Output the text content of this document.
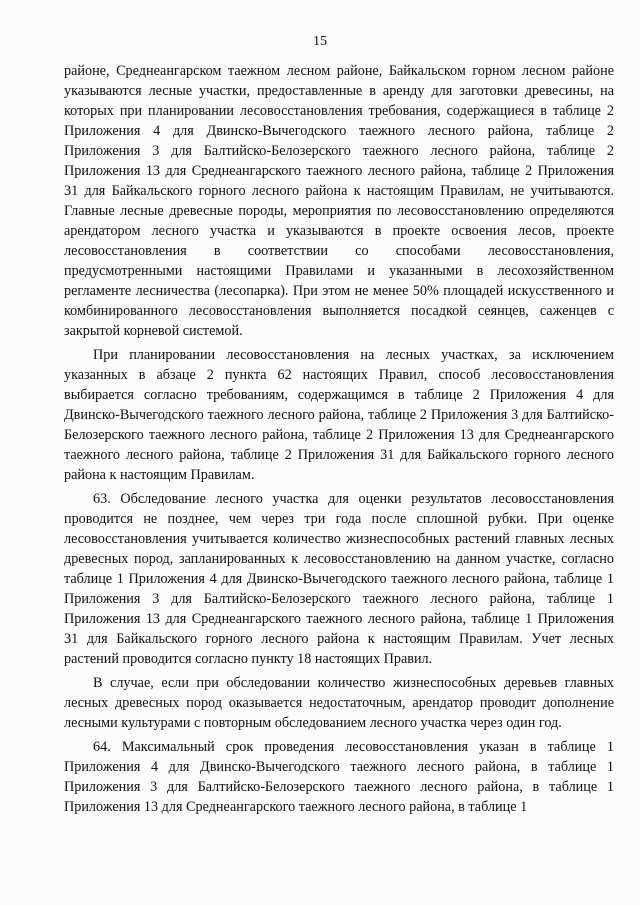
15

районе, Среднеангарском таежном лесном районе, Байкальском горном лесном районе указываются лесные участки, предоставленные в аренду для заготовки древесины, на которых при планировании лесовосстановления требования, содержащиеся в таблице 2 Приложения 4 для Двинско-Вычегодского таежного лесного района, таблице 2 Приложения 3 для Балтийско-Белозерского таежного лесного района, таблице 2 Приложения 13 для Среднеангарского таежного лесного района, таблице 2 Приложения 31 для Байкальского горного лесного района к настоящим Правилам, не учитываются. Главные лесные древесные породы, мероприятия по лесовосстановлению определяются арендатором лесного участка и указываются в проекте освоения лесов, проекте лесовосстановления в соответствии со способами лесовосстановления, предусмотренными настоящими Правилами и указанными в лесохозяйственном регламенте лесничества (лесопарка). При этом не менее 50% площадей искусственного и комбинированного лесовосстановления выполняется посадкой сеянцев, саженцев с закрытой корневой системой.

При планировании лесовосстановления на лесных участках, за исключением указанных в абзаце 2 пункта 62 настоящих Правил, способ лесовосстановления выбирается согласно требованиям, содержащимся в таблице 2 Приложения 4 для Двинско-Вычегодского таежного лесного района, таблице 2 Приложения 3 для Балтийско-Белозерского таежного лесного района, таблице 2 Приложения 13 для Среднеангарского таежного лесного района, таблице 2 Приложения 31 для Байкальского горного лесного района к настоящим Правилам.

63. Обследование лесного участка для оценки результатов лесовосстановления проводится не позднее, чем через три года после сплошной рубки. При оценке лесовосстановления учитывается количество жизнеспособных растений главных лесных древесных пород, запланированных к лесовосстановлению на данном участке, согласно таблице 1 Приложения 4 для Двинско-Вычегодского таежного лесного района, таблице 1 Приложения 3 для Балтийско-Белозерского таежного лесного района, таблице 1 Приложения 13 для Среднеангарского таежного лесного района, таблице 1 Приложения 31 для Байкальского горного лесного района к настоящим Правилам. Учет лесных растений проводится согласно пункту 18 настоящих Правил.

В случае, если при обследовании количество жизнеспособных деревьев главных лесных древесных пород оказывается недостаточным, арендатор проводит дополнение лесными культурами с повторным обследованием лесного участка через один год.

64. Максимальный срок проведения лесовосстановления указан в таблице 1 Приложения 4 для Двинско-Вычегодского таежного лесного района, в таблице 1 Приложения 3 для Балтийско-Белозерского таежного лесного района, в таблице 1 Приложения 13 для Среднеангарского таежного лесного района, в таблице 1
